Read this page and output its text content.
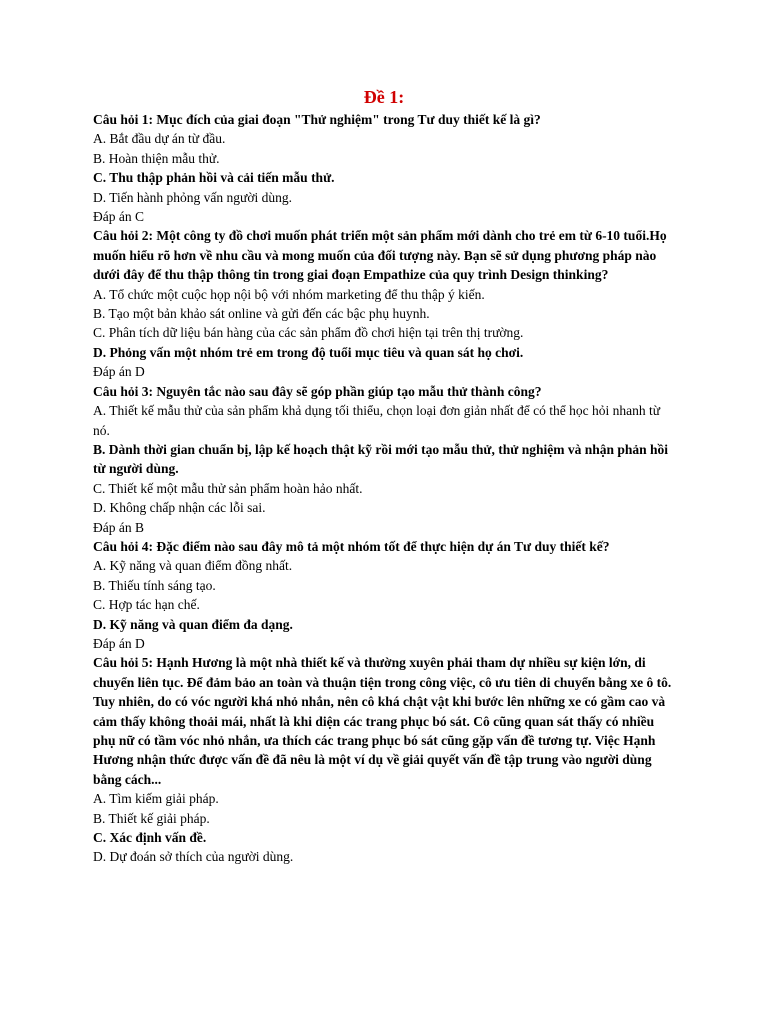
Đề 1:
Câu hỏi 1: Mục đích của giai đoạn "Thử nghiệm" trong Tư duy thiết kế là gì?
A. Bắt đầu dự án từ đầu.
B. Hoàn thiện mẫu thử.
C. Thu thập phản hồi và cải tiến mẫu thử.
D. Tiến hành phỏng vấn người dùng.
Đáp án C
Câu hỏi 2: Một công ty đồ chơi muốn phát triển một sản phẩm mới dành cho trẻ em từ 6-10 tuổi.Họ muốn hiểu rõ hơn về nhu cầu và mong muốn của đối tượng này. Bạn sẽ sử dụng phương pháp nào dưới đây để thu thập thông tin trong giai đoạn Empathize của quy trình Design thinking?
A. Tổ chức một cuộc họp nội bộ với nhóm marketing để thu thập ý kiến.
B. Tạo một bản khảo sát online và gửi đến các bậc phụ huynh.
C. Phân tích dữ liệu bán hàng của các sản phẩm đồ chơi hiện tại trên thị trường.
D. Phỏng vấn một nhóm trẻ em trong độ tuổi mục tiêu và quan sát họ chơi.
Đáp án D
Câu hỏi 3: Nguyên tắc nào sau đây sẽ góp phần giúp tạo mẫu thử thành công?
A. Thiết kế mẫu thử của sản phẩm khả dụng tối thiểu, chọn loại đơn giản nhất để có thể học hỏi nhanh từ nó.
B. Dành thời gian chuẩn bị, lập kế hoạch thật kỹ rồi mới tạo mẫu thử, thử nghiệm và nhận phản hồi từ người dùng.
C. Thiết kế một mẫu thử sản phẩm hoàn hảo nhất.
D. Không chấp nhận các lỗi sai.
Đáp án B
Câu hỏi 4: Đặc điểm nào sau đây mô tả một nhóm tốt để thực hiện dự án Tư duy thiết kế?
A. Kỹ năng và quan điểm đồng nhất.
B. Thiếu tính sáng tạo.
C. Hợp tác hạn chế.
D. Kỹ năng và quan điểm đa dạng.
Đáp án D
Câu hỏi 5: Hạnh Hương là một nhà thiết kế và thường xuyên phải tham dự nhiều sự kiện lớn, di chuyển liên tục. Để đảm bảo an toàn và thuận tiện trong công việc, cô ưu tiên di chuyển bằng xe ô tô. Tuy nhiên, do có vóc người khá nhỏ nhắn, nên cô khá chật vật khi bước lên những xe có gầm cao và cảm thấy không thoải mái, nhất là khi diện các trang phục bó sát. Cô cũng quan sát thấy có nhiều phụ nữ có tầm vóc nhỏ nhắn, ưa thích các trang phục bó sát cũng gặp vấn đề tương tự. Việc Hạnh Hương nhận thức được vấn đề đã nêu là một ví dụ về giải quyết vấn đề tập trung vào người dùng bằng cách...
A. Tìm kiếm giải pháp.
B. Thiết kế giải pháp.
C. Xác định vấn đề.
D. Dự đoán sở thích của người dùng.
